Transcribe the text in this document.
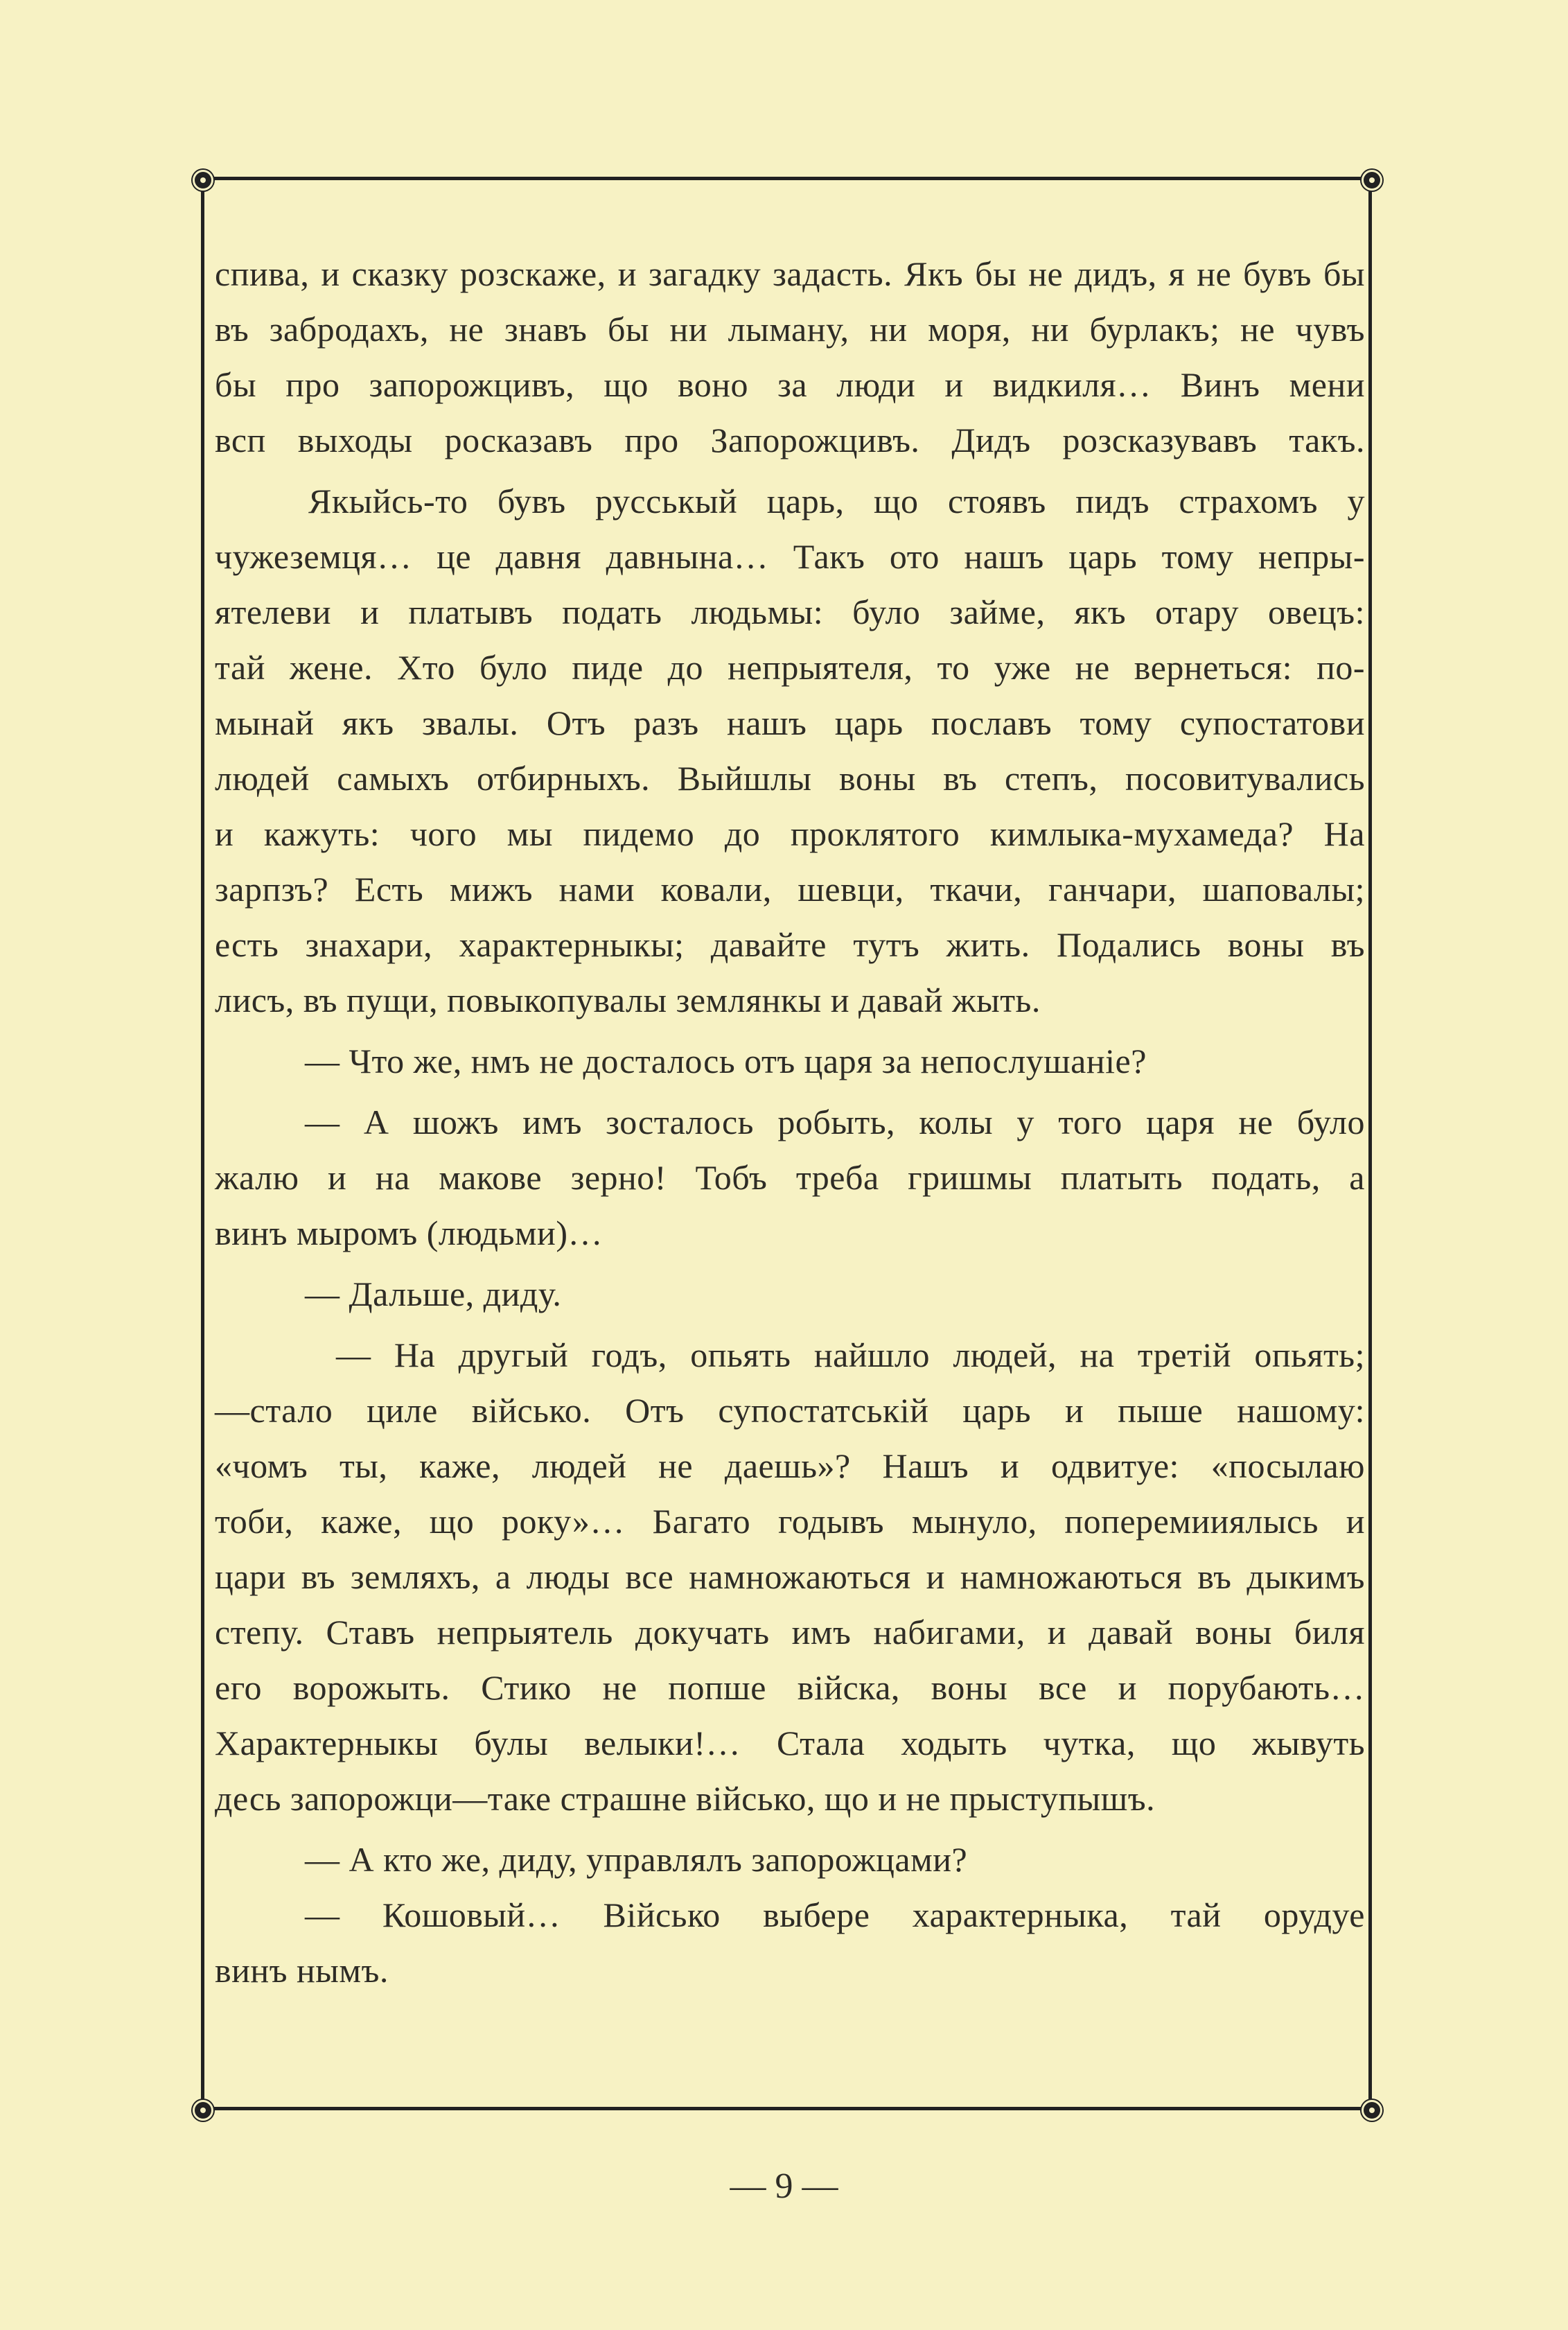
спива, и сказку розскаже, и загадку задасть. Якъ бы не дидъ, я не бувъ бы
въ забродахъ, не знавъ бы ни лыману, ни моря, ни бурлакъ; не чувъ
бы про запорожцивъ, що воно за люди и видкиля… Винъ мени
всп выходы росказавъ про Запорожцивъ. Дидъ розсказувавъ такъ.

Якыйсь-то бувъ русськый царь, що стоявъ пидъ страхомъ у
чужеземця… це давня давнына… Такъ ото нашъ царь тому непры-
ятелеви и платывъ подать людьмы: було займе, якъ отару овецъ:
тай жене. Хто було пиде до непрыятеля, то уже не вернеться: по-
мынай якъ звалы. Отъ разъ нашъ царь пославъ тому супостатови
людей самыхъ отбирныхъ. Выйшлы воны въ степъ, посовитувались
и кажуть: чого мы пидемо до проклятого кимлыка-мухамеда? На
зарпзъ? Есть мижъ нами ковали, шевци, ткачи, ганчари, шаповалы;
есть знахари, характерныкы; давайте тутъ жить. Подались воны въ
лисъ, въ пущи, повыкопувалы землянкы и давай жыть.

— Что же, нмъ не досталось отъ царя за непослушаніе?

— А шожъ имъ зосталось робыть, колы у того царя не було
жалю и на макове зерно! Тобъ треба гришмы платыть подать, а
винъ мыромъ (людьми)…

— Дальше, диду.

— На другый годъ, опьять найшло людей, на третій опьять;
—стало циле військо. Отъ супостатській царь и пыше нашому:
«чомъ ты, каже, людей не даешь»? Нашъ и одвитуе: «посылаю
тоби, каже, що року»… Багато годывъ мынуло, поперемииялысь и
цари въ земляхъ, а люды все намножаються и намножаються въ дыкимъ
степу. Ставъ непрыятель докучать имъ набигами, и давай воны биля
его ворожыть. Стико не попше війска, воны все и порубають…
Характерныкы булы велыки!… Стала ходыть чутка, що жывуть
десь запорожци—таке страшне військо, що и не прыступышъ.

— А кто же, диду, управлялъ запорожцами?

— Кошовый… Військо выбере характерныка, тай орудуе
винъ нымъ.

— 9 —
